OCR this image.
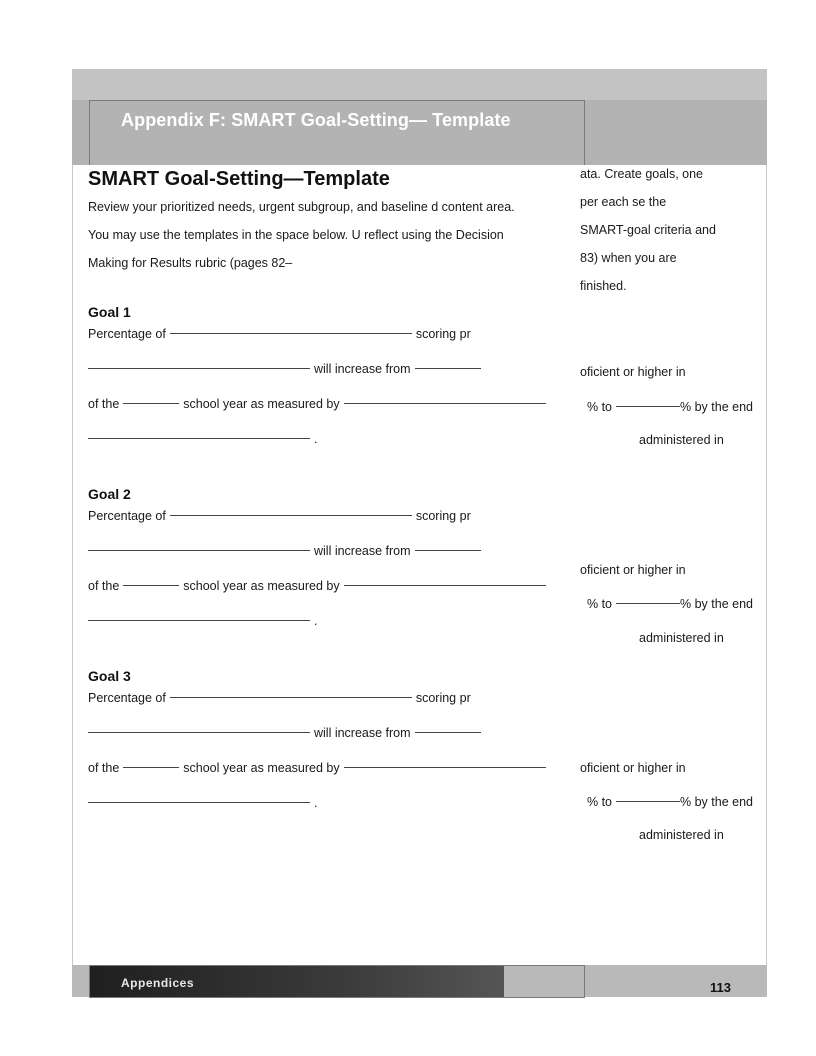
Appendix F: SMART Goal-Setting— Template
SMART Goal-Setting—Template
Review your prioritized needs, urgent subgroup, and baseline d content area.
You may use the templates in the space below. U reflect using the Decision
Making for Results rubric (pages 82–
ata. Create goals, one
per each se the
SMART-goal criteria and
83) when you are
finished.
Goal 1
Percentage of	scoring pr
will increase from
of the	school year as measured by
.
oficient or higher in
% to	% by the end
administered in
Goal 2
Percentage of	scoring pr
will increase from
of the	school year as measured by
.
oficient or higher in
% to	% by the end
administered in
Goal 3
Percentage of	scoring pr
will increase from
of the	school year as measured by
.
oficient or higher in
% to	% by the end
administered in
Appendices	113
